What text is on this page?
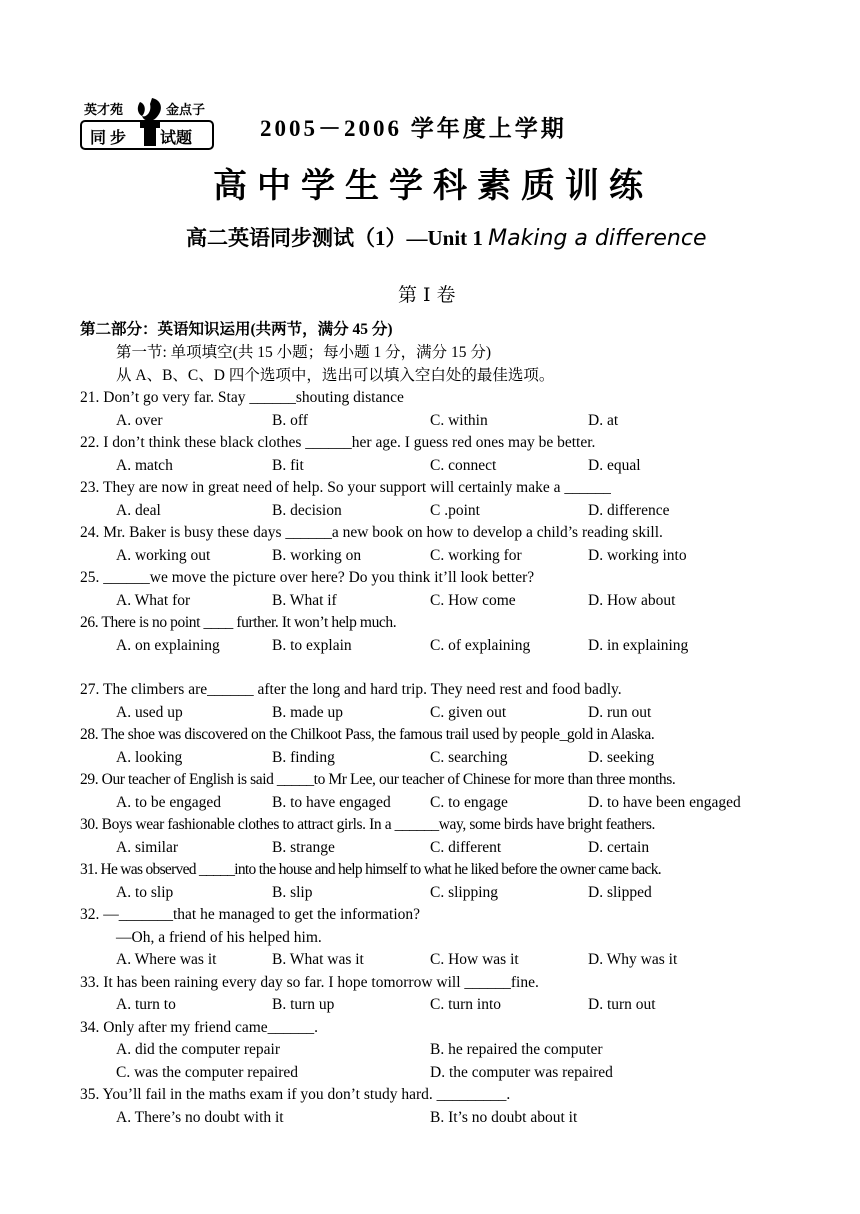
英才苑	金点子
同 步 试题	2005－2006 学年度上学期
高中学生学科素质训练
高二英语同步测试（1）—Unit 1 Making a difference
第Ⅰ卷
第二部分：英语知识运用(共两节，满分 45 分)
第一节: 单项填空(共 15 小题；每小题 1 分，满分 15 分)
从 A、B、C、D 四个选项中，选出可以填入空白处的最佳选项。
21. Don’t go very far. Stay ______shouting distance
A. over	B. off	C. within	D. at
22. I don’t think these black clothes ______her age. I guess red ones may be better.
A. match	B. fit	C. connect	D. equal
23. They are now in great need of help. So your support will certainly make a ______
A. deal	B. decision	C .point	D. difference
24. Mr. Baker is busy these days ______a new book on how to develop a child’s reading skill.
A. working out	B. working on	C. working for	D. working into
25. ______we move the picture over here? Do you think it’ll look better?
A. What for	B. What if	C. How come	D. How about
26. There is no point ____ further. It won’t help much.
A. on explaining	B. to explain	C. of explaining	D. in explaining
27. The climbers are______ after the long and hard trip. They need rest and food badly.
A. used up	B. made up	C. given out	D. run out
28. The shoe was discovered on the Chilkoot Pass, the famous trail used by people_gold in Alaska.
A. looking	B. finding	C. searching	D. seeking
29. Our teacher of English is said _____to Mr Lee, our teacher of Chinese for more than three months.
A. to be engaged	B. to have engaged	C. to engage	D. to have been engaged
30. Boys wear fashionable clothes to attract girls. In a ______way, some birds have bright feathers.
A. similar	B. strange	C. different	D. certain
31. He was observed _____into the house and help himself to what he liked before the owner came back.
A. to slip	B. slip	C. slipping	D. slipped
32. —_______that he managed to get the information?
—Oh, a friend of his helped him.
A. Where was it	B. What was it	C. How was it	D. Why was it
33. It has been raining every day so far. I hope tomorrow will ______fine.
A. turn to	B. turn up	C. turn into	D. turn out
34. Only after my friend came______.
A. did the computer repair	B. he repaired the computer
C. was the computer repaired	D. the computer was repaired
35. You’ll fail in the maths exam if you don’t study hard. _________.
A. There’s no doubt with it	B. It’s no doubt about it
